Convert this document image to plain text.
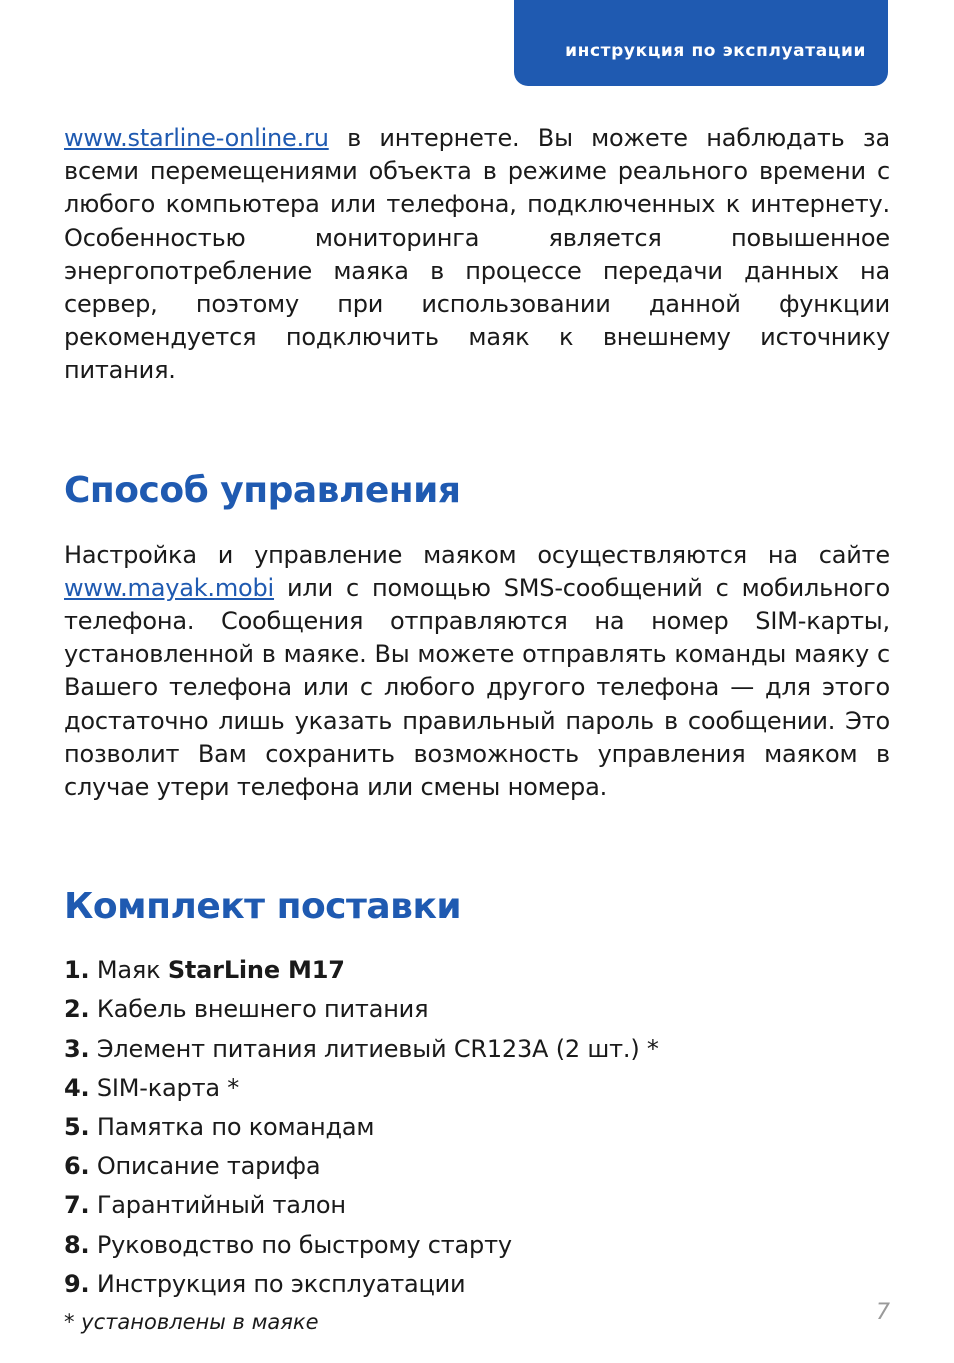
инструкция по эксплуатации

www.starline-online.ru в интернете. Вы можете наблюдать за всеми перемещениями объекта в режиме реального времени с любого компьютера или телефона, подключенных к интернету. Особенностью мониторинга является повышенное энергопотребление маяка в процессе передачи данных на сервер, поэтому при использовании данной функции рекомендуется подключить маяк к внешнему источнику питания.

Способ управления

Настройка и управление маяком осуществляются на сайте www.mayak.mobi или с помощью SMS-сообщений с мобильного телефона. Сообщения отправляются на номер SIM-карты, установленной в маяке. Вы можете отправлять команды маяку с Вашего телефона или с любого другого телефона — для этого достаточно лишь указать правильный пароль в сообщении. Это позволит Вам сохранить возможность управления маяком в случае утери телефона или смены номера.

Комплект поставки
1. Маяк StarLine M17
2. Кабель внешнего питания
3. Элемент питания литиевый CR123A (2 шт.) *
4. SIM-карта *
5. Памятка по командам
6. Описание тарифа
7. Гарантийный талон
8. Руководство по быстрому старту
9. Инструкция по эксплуатации
* установлены в маяке	7
